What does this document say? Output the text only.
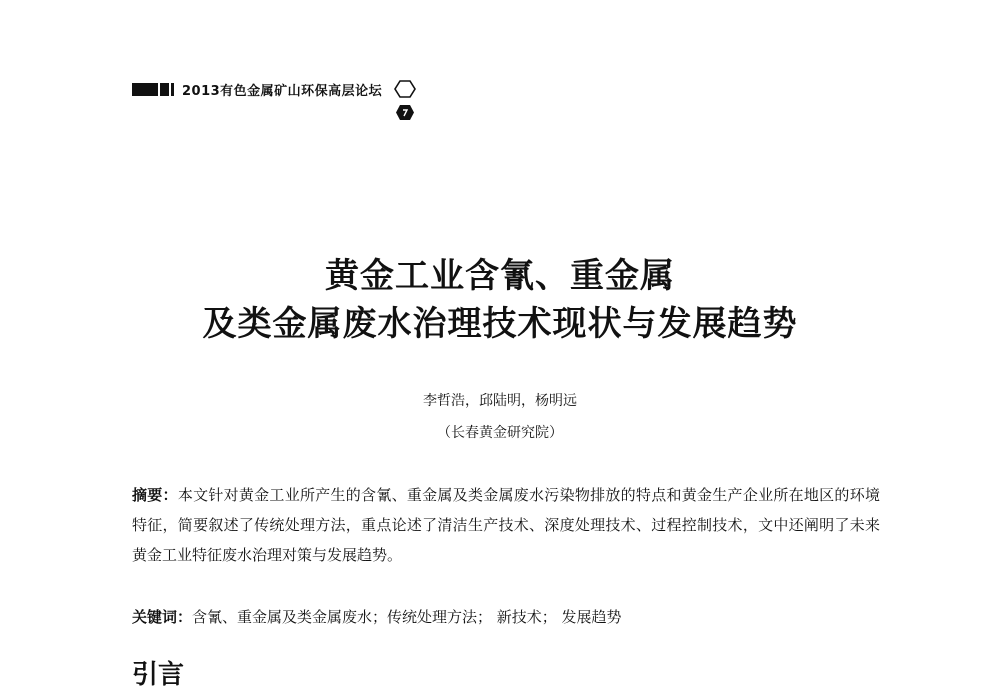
2013有色金属矿山环保高层论坛
黄金工业含氰、重金属
及类金属废水治理技术现状与发展趋势
李哲浩，邱陆明，杨明远
（长春黄金研究院）
摘要：本文针对黄金工业所产生的含氰、重金属及类金属废水污染物排放的特点和黄金生产企业所在地区的环境特征，简要叙述了传统处理方法，重点论述了清洁生产技术、深度处理技术、过程控制技术，文中还阐明了未来黄金工业特征废水治理对策与发展趋势。
关键词：含氰、重金属及类金属废水；传统处理方法； 新技术； 发展趋势
引言
